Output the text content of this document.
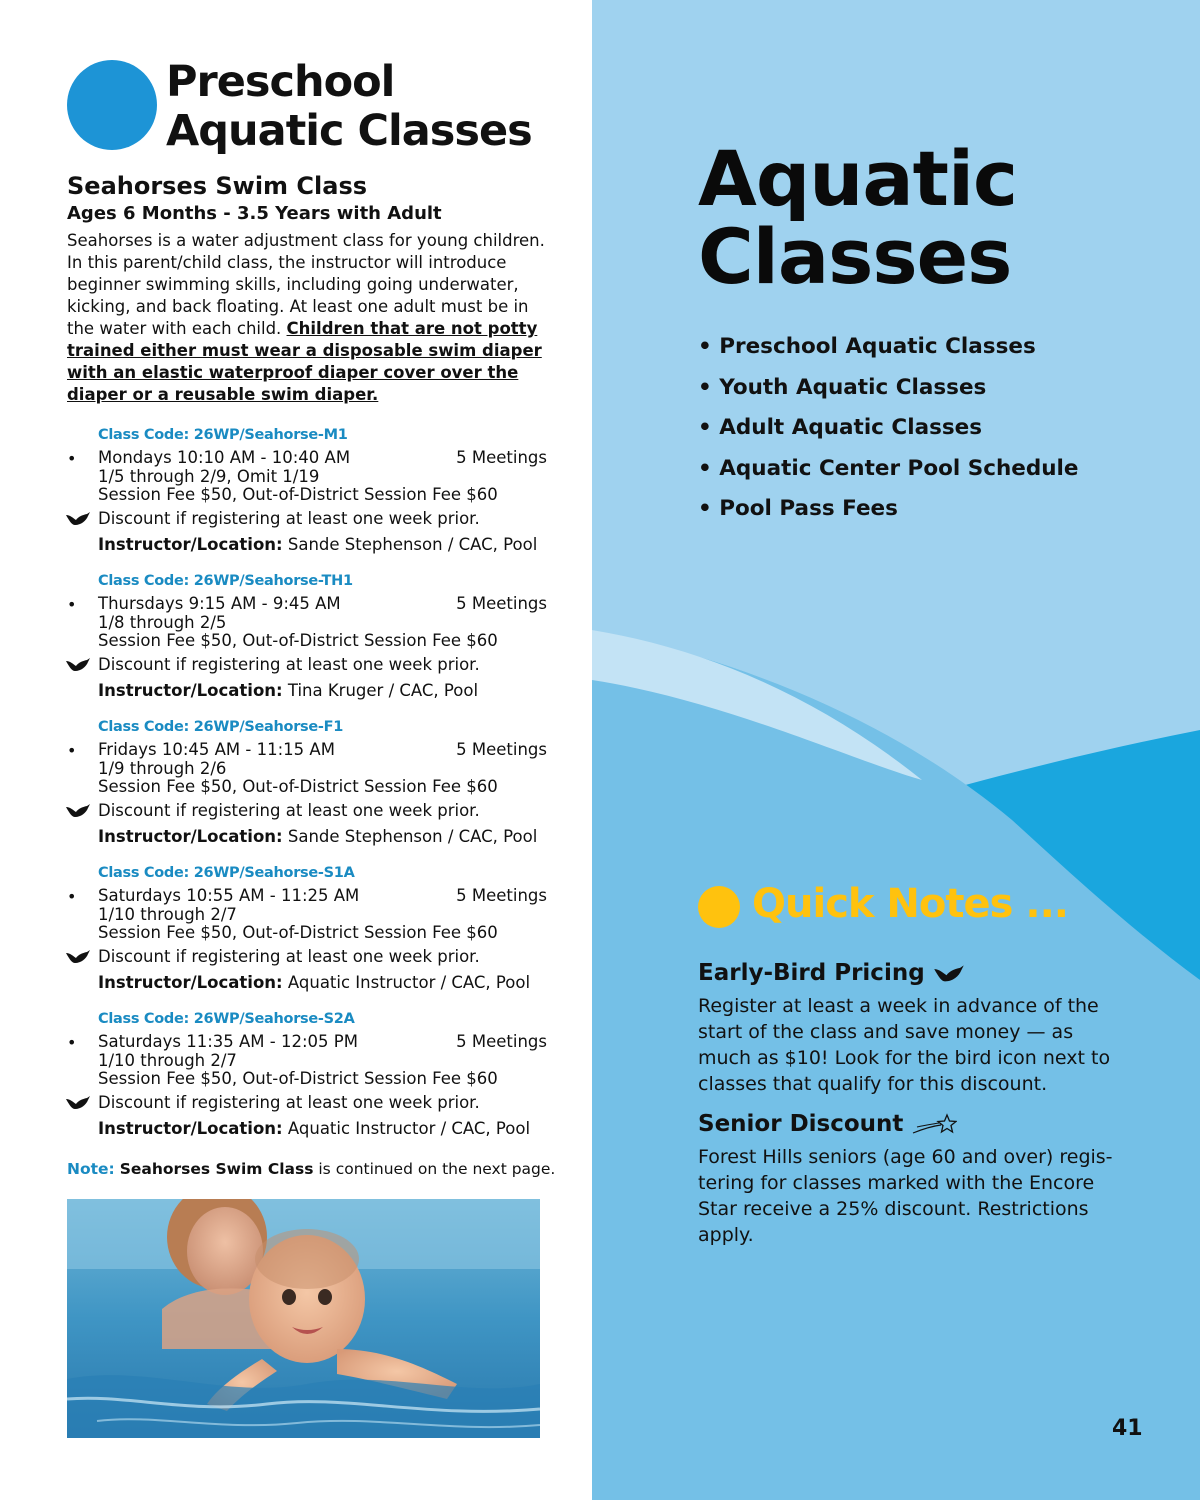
Preschool
Aquatic Classes
Seahorses Swim Class
Ages 6 Months - 3.5 Years with Adult
Seahorses is a water adjustment class for young children. In this parent/child class, the instructor will introduce beginner swimming skills, including going underwater, kicking, and back floating. At least one adult must be in the water with each child. Children that are not potty trained either must wear a disposable swim diaper with an elastic waterproof diaper cover over the diaper or a reusable swim diaper.
Class Code: 26WP/Seahorse-M1
• Mondays 10:10 AM - 10:40 AM	5 Meetings
1/5 through 2/9, Omit 1/19
Session Fee $50, Out-of-District Session Fee $60
Discount if registering at least one week prior.
Instructor/Location: Sande Stephenson / CAC, Pool
Class Code: 26WP/Seahorse-TH1
• Thursdays 9:15 AM - 9:45 AM	5 Meetings
1/8 through 2/5
Session Fee $50, Out-of-District Session Fee $60
Discount if registering at least one week prior.
Instructor/Location: Tina Kruger / CAC, Pool
Class Code: 26WP/Seahorse-F1
• Fridays 10:45 AM - 11:15 AM	5 Meetings
1/9 through 2/6
Session Fee $50, Out-of-District Session Fee $60
Discount if registering at least one week prior.
Instructor/Location: Sande Stephenson / CAC, Pool
Class Code: 26WP/Seahorse-S1A
• Saturdays 10:55 AM - 11:25 AM	5 Meetings
1/10 through 2/7
Session Fee $50, Out-of-District Session Fee $60
Discount if registering at least one week prior.
Instructor/Location: Aquatic Instructor / CAC, Pool
Class Code: 26WP/Seahorse-S2A
• Saturdays 11:35 AM - 12:05 PM	5 Meetings
1/10 through 2/7
Session Fee $50, Out-of-District Session Fee $60
Discount if registering at least one week prior.
Instructor/Location: Aquatic Instructor / CAC, Pool
Note: Seahorses Swim Class is continued on the next page.
Aquatic
Classes
• Preschool Aquatic Classes
• Youth Aquatic Classes
• Adult Aquatic Classes
• Aquatic Center Pool Schedule
• Pool Pass Fees
Quick Notes ...
Early-Bird Pricing
Register at least a week in advance of the start of the class and save money — as much as $10! Look for the bird icon next to classes that qualify for this discount.
Senior Discount
Forest Hills seniors (age 60 and over) regis-tering for classes marked with the Encore Star receive a 25% discount. Restrictions apply.
41
